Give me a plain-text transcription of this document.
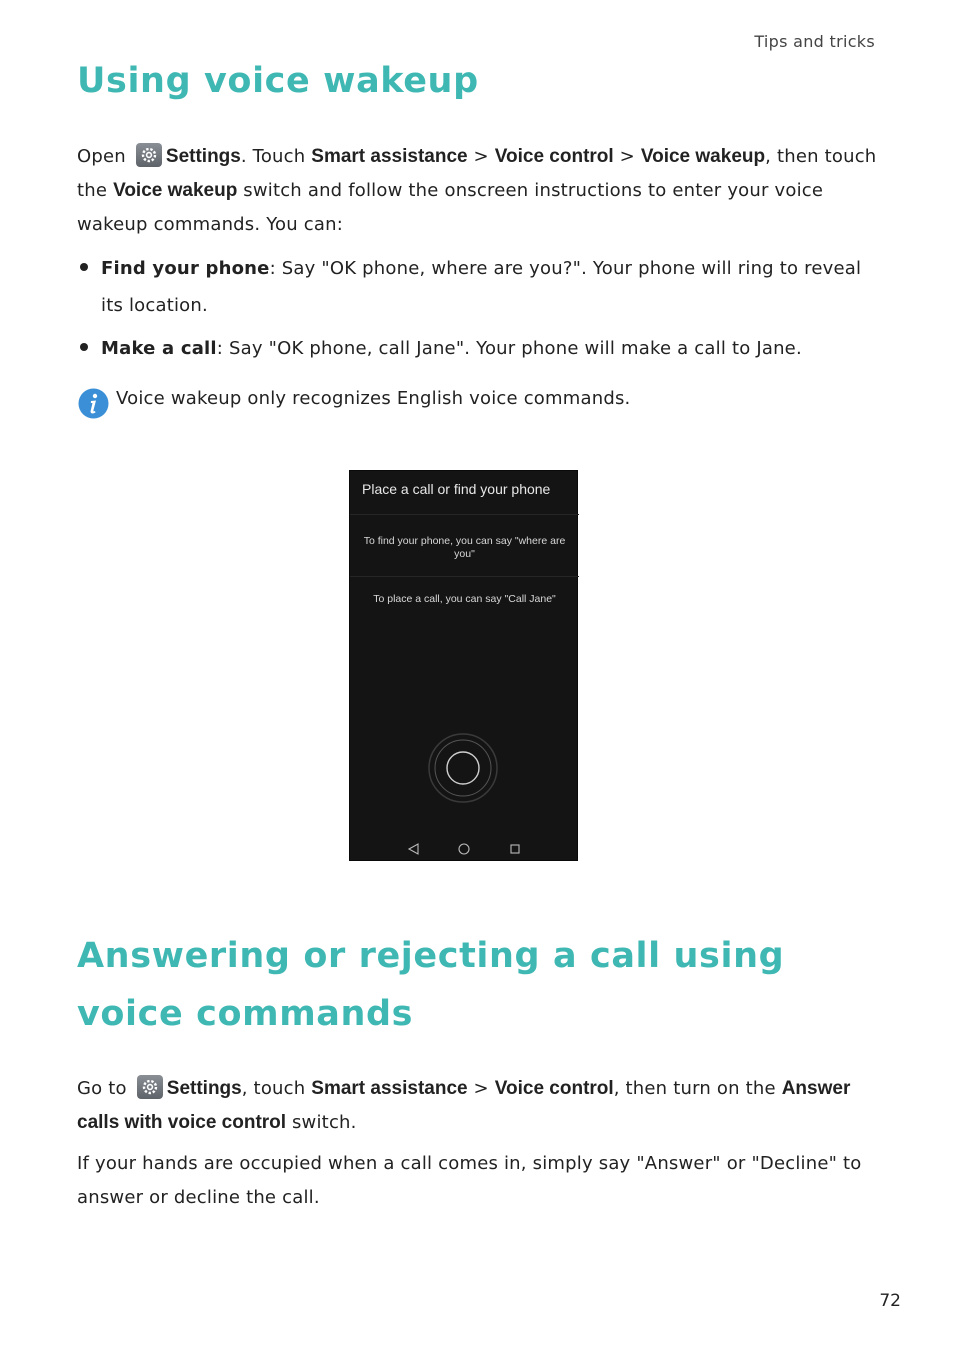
Tips and tricks
Using voice wakeup
Open Settings. Touch Smart assistance > Voice control > Voice wakeup, then touch the Voice wakeup switch and follow the onscreen instructions to enter your voice wakeup commands. You can:
Find your phone: Say "OK phone, where are you?". Your phone will ring to reveal its location.
Make a call: Say "OK phone, call Jane". Your phone will make a call to Jane.
Voice wakeup only recognizes English voice commands.
Place a call or find your phone
To find your phone, you can say "where are you"
To place a call, you can say "Call Jane"
Answering or rejecting a call using voice commands
Go to Settings, touch Smart assistance > Voice control, then turn on the Answer calls with voice control switch.
If your hands are occupied when a call comes in, simply say "Answer" or "Decline" to answer or decline the call.
72
